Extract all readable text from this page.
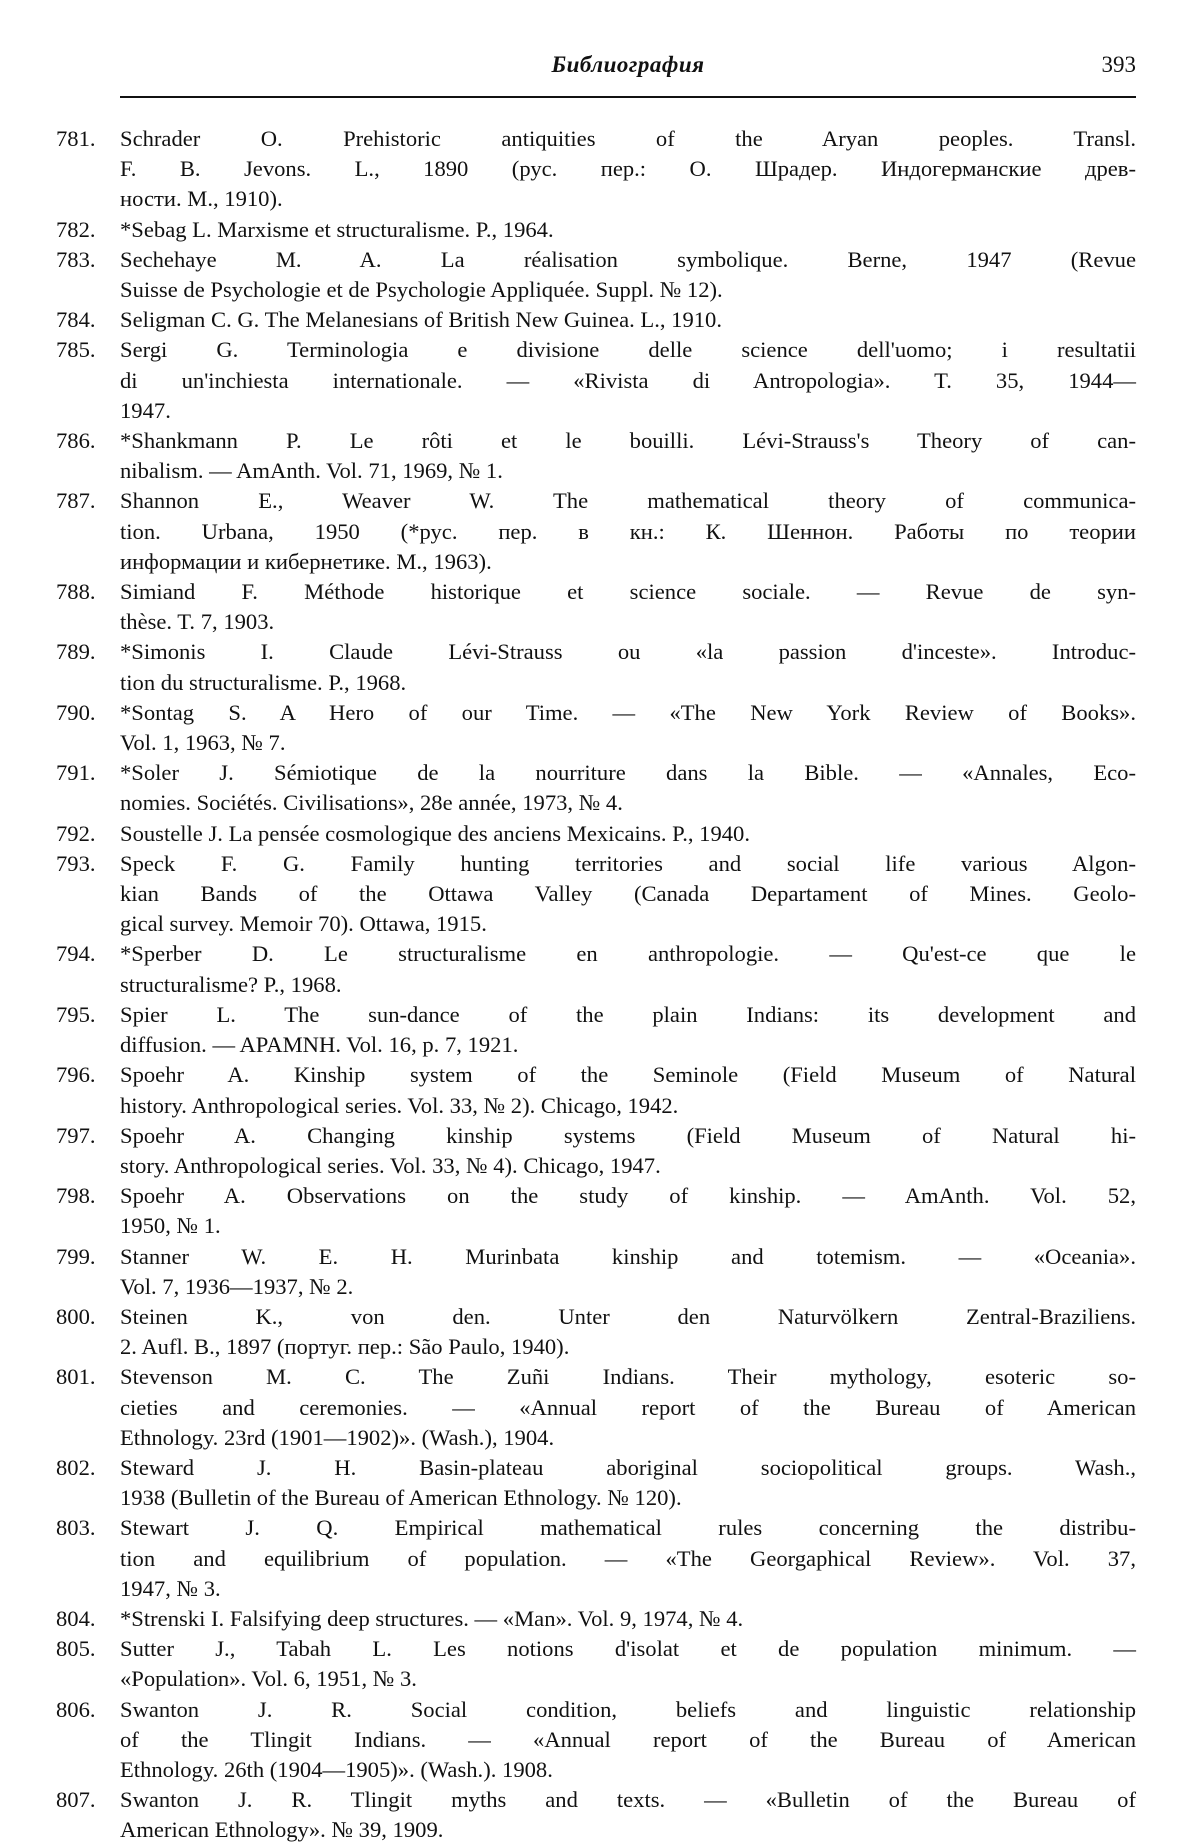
Библиография	393
781.	Schrader O. Prehistoric antiquities of the Aryan peoples. Transl.
F. B. Jevons. L., 1890 (рус. пер.: О. Шрадер. Индогерманские древ-
ности. М., 1910).
782.	*Sebag L. Marxisme et structuralisme. P., 1964.
783.	Sechehaye M. A. La réalisation symbolique. Berne, 1947 (Revue
Suisse de Psychologie et de Psychologie Appliquée. Suppl. № 12).
784.	Seligman C. G. The Melanesians of British New Guinea. L., 1910.
785.	Sergi G. Terminologia e divisione delle science dell'uomo; i resultatii
di un'inchiesta internationale. — «Rivista di Antropologia». T. 35, 1944—
1947.
786.	*Shankmann P. Le rôti et le bouilli. Lévi-Strauss's Theory of can-
nibalism. — AmAnth. Vol. 71, 1969, № 1.
787.	Shannon E., Weaver W. The mathematical theory of communica-
tion. Urbana, 1950 (*рус. пер. в кн.: К. Шеннон. Работы по теории
информации и кибернетике. М., 1963).
788.	Simiand F. Méthode historique et science sociale. — Revue de syn-
thèse. T. 7, 1903.
789.	*Simonis I. Claude Lévi-Strauss ou «la passion d'inceste». Introduc-
tion du structuralisme. P., 1968.
790.	*Sontag S. A Hero of our Time. — «The New York Review of Books».
Vol. 1, 1963, № 7.
791.	*Soler J. Sémiotique de la nourriture dans la Bible. — «Annales, Eco-
nomies. Sociétés. Civilisations», 28e année, 1973, № 4.
792.	Soustelle J. La pensée cosmologique des anciens Mexicains. P., 1940.
793.	Speck F. G. Family hunting territories and social life various Algon-
kian Bands of the Ottawa Valley (Canada Departament of Mines. Geolo-
gical survey. Memoir 70). Ottawa, 1915.
794.	*Sperber D. Le structuralisme en anthropologie. — Qu'est-ce que le
structuralisme? P., 1968.
795.	Spier L. The sun-dance of the plain Indians: its development and
diffusion. — APAMNH. Vol. 16, p. 7, 1921.
796.	Spoehr A. Kinship system of the Seminole (Field Museum of Natural
history. Anthropological series. Vol. 33, № 2). Chicago, 1942.
797.	Spoehr A. Changing kinship systems (Field Museum of Natural hi-
story. Anthropological series. Vol. 33, № 4). Chicago, 1947.
798.	Spoehr A. Observations on the study of kinship. — AmAnth. Vol. 52,
1950, № 1.
799.	Stanner W. E. H. Murinbata kinship and totemism. — «Oceania».
Vol. 7, 1936—1937, № 2.
800.	Steinen K., von den. Unter den Naturvölkern Zentral-Braziliens.
2. Aufl. B., 1897 (португ. пер.: São Paulo, 1940).
801.	Stevenson M. C. The Zuñi Indians. Their mythology, esoteric so-
cieties and ceremonies. — «Annual report of the Bureau of American
Ethnology. 23rd (1901—1902)». (Wash.), 1904.
802.	Steward J. H. Basin-plateau aboriginal sociopolitical groups. Wash.,
1938 (Bulletin of the Bureau of American Ethnology. № 120).
803.	Stewart J. Q. Empirical mathematical rules concerning the distribu-
tion and equilibrium of population. — «The Georgaphical Review». Vol. 37,
1947, № 3.
804.	*Strenski I. Falsifying deep structures. — «Man». Vol. 9, 1974, № 4.
805.	Sutter J., Tabah L. Les notions d'isolat et de population minimum. —
«Population». Vol. 6, 1951, № 3.
806.	Swanton J. R. Social condition, beliefs and linguistic relationship
of the Tlingit Indians. — «Annual report of the Bureau of American
Ethnology. 26th (1904—1905)». (Wash.). 1908.
807.	Swanton J. R. Tlingit myths and texts. — «Bulletin of the Bureau of
American Ethnology». № 39, 1909.
